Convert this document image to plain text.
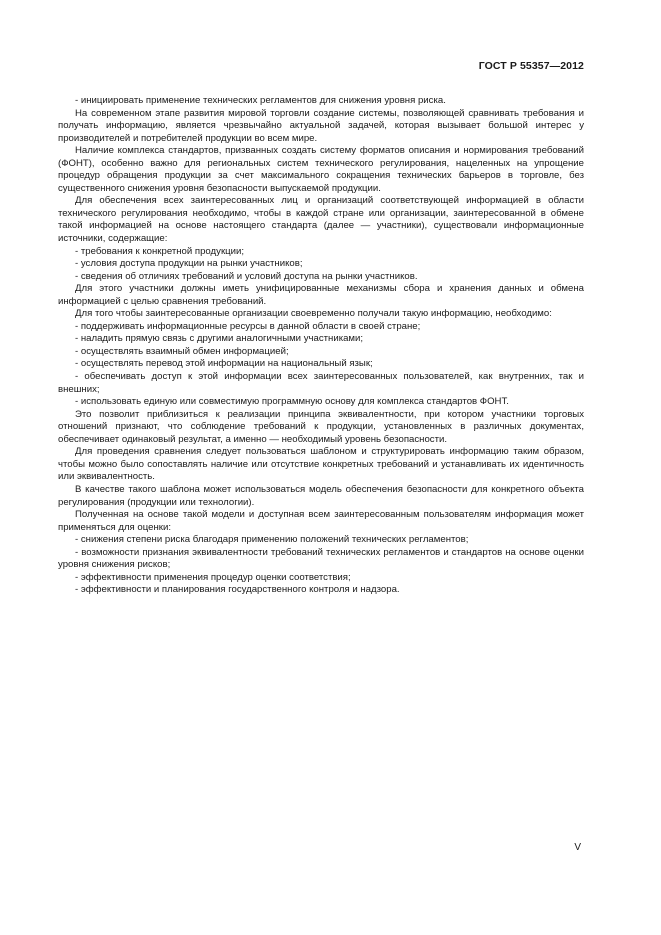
ГОСТ Р 55357—2012

- инициировать применение технических регламентов для снижения уровня риска.

На современном этапе развития мировой торговли создание системы, позволяющей сравнивать требования и получать информацию, является чрезвычайно актуальной задачей, которая вызывает большой интерес у производителей и потребителей продукции во всем мире.

Наличие комплекса стандартов, призванных создать систему форматов описания и нормирования требований (ФОНТ), особенно важно для региональных систем технического регулирования, нацеленных на упрощение процедур обращения продукции за счет максимального сокращения технических барьеров в торговле, без существенного снижения уровня безопасности выпускаемой продукции.

Для обеспечения всех заинтересованных лиц и организаций соответствующей информацией в области технического регулирования необходимо, чтобы в каждой стране или организации, заинтересованной в обмене такой информацией на основе настоящего стандарта (далее — участники), существовали информационные источники, содержащие:

- требования к конкретной продукции;

- условия доступа продукции на рынки участников;

- сведения об отличиях требований и условий доступа на рынки участников.

Для этого участники должны иметь унифицированные механизмы сбора и хранения данных и обмена информацией с целью сравнения требований.

Для того чтобы заинтересованные организации своевременно получали такую информацию, необходимо:

- поддерживать информационные ресурсы в данной области в своей стране;

- наладить прямую связь с другими аналогичными участниками;

- осуществлять взаимный обмен информацией;

- осуществлять перевод этой информации на национальный язык;

- обеспечивать доступ к этой информации всех заинтересованных пользователей, как внутренних, так и внешних;

- использовать единую или совместимую программную основу для комплекса стандартов ФОНТ.

Это позволит приблизиться к реализации принципа эквивалентности, при котором участники торговых отношений признают, что соблюдение требований к продукции, установленных в различных документах, обеспечивает одинаковый результат, а именно — необходимый уровень безопасности.

Для проведения сравнения следует пользоваться шаблоном и структурировать информацию таким образом, чтобы можно было сопоставлять наличие или отсутствие конкретных требований и устанавливать их идентичность или эквивалентность.

В качестве такого шаблона может использоваться модель обеспечения безопасности для конкретного объекта регулирования (продукции или технологии).

Полученная на основе такой модели и доступная всем заинтересованным пользователям информация может применяться для оценки:

- снижения степени риска благодаря применению положений технических регламентов;

- возможности признания эквивалентности требований технических регламентов и стандартов на основе оценки уровня снижения рисков;

- эффективности применения процедур оценки соответствия;

- эффективности и планирования государственного контроля и надзора.

V
